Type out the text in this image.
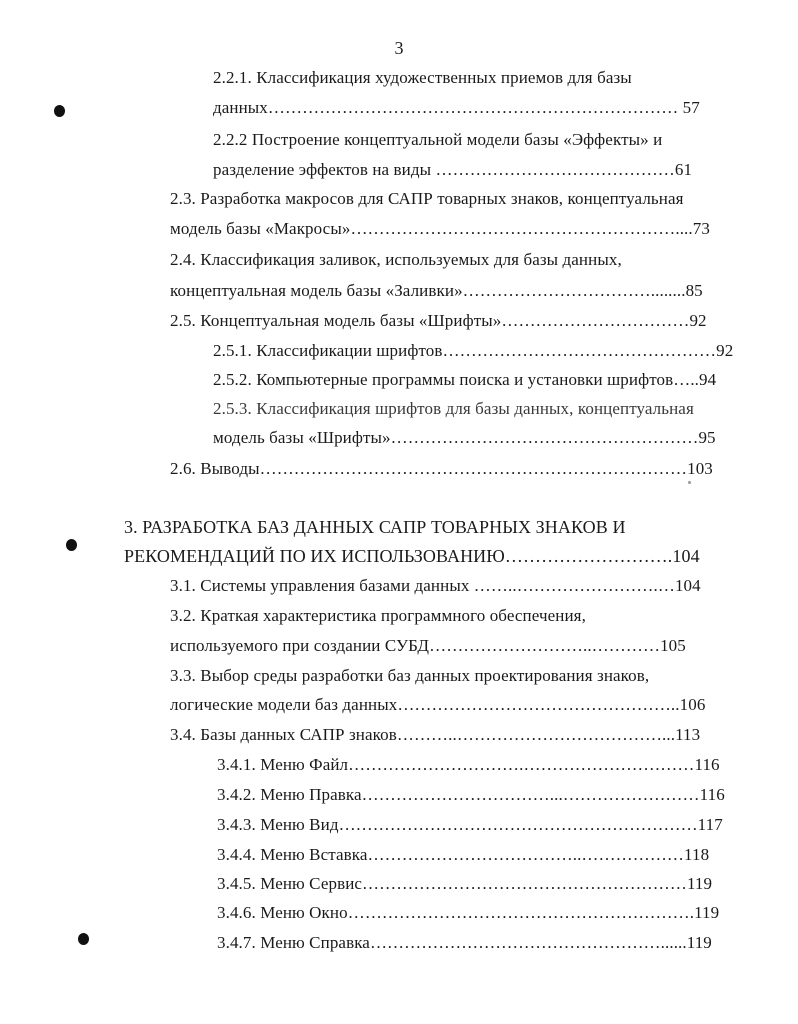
3
2.2.1. Классификация художественных приемов для базы
данных……………………………………………………………… 57
2.2.2 Построение концептуальной модели базы «Эффекты» и
разделение эффектов на виды ……………………………………61
2.3. Разработка макросов для САПР товарных знаков, концептуальная
модель базы «Макросы»…………………………………………………....73
2.4. Классификация заливок, используемых для базы данных,
концептуальная модель базы «Заливки»……………………………........85
2.5. Концептуальная модель базы «Шрифты»……………………………92
2.5.1. Классификации шрифтов…………………………………………92
2.5.2. Компьютерные программы поиска и установки шрифтов…..94
2.5.3. Классификация шрифтов для базы данных, концептуальная
модель базы «Шрифты»………………………………………………95
2.6. Выводы…………………………………………………………………103
3. РАЗРАБОТКА БАЗ ДАННЫХ САПР ТОВАРНЫХ ЗНАКОВ И
РЕКОМЕНДАЦИЙ ПО ИХ ИСПОЛЬЗОВАНИЮ……………………….104
3.1. Системы управления базами данных ……..…………………….…104
3.2. Краткая характеристика программного обеспечения,
используемого при создании СУБД………………………..…………105
3.3. Выбор среды разработки баз данных проектирования знаков,
логические модели баз данных…………………………………………..106
3.4. Базы данных САПР знаков………..………………………………...113
3.4.1. Меню Файл………………………….…………………………116
3.4.2. Меню Правка……………………………...……………………116
3.4.3. Меню Вид………………………………………………………117
3.4.4. Меню Вставка………………………………..………………118
3.4.5. Меню Сервис…………………………………………………119
3.4.6. Меню Окно…………………………………………………….119
3.4.7. Меню Справка……………………………………………......119
